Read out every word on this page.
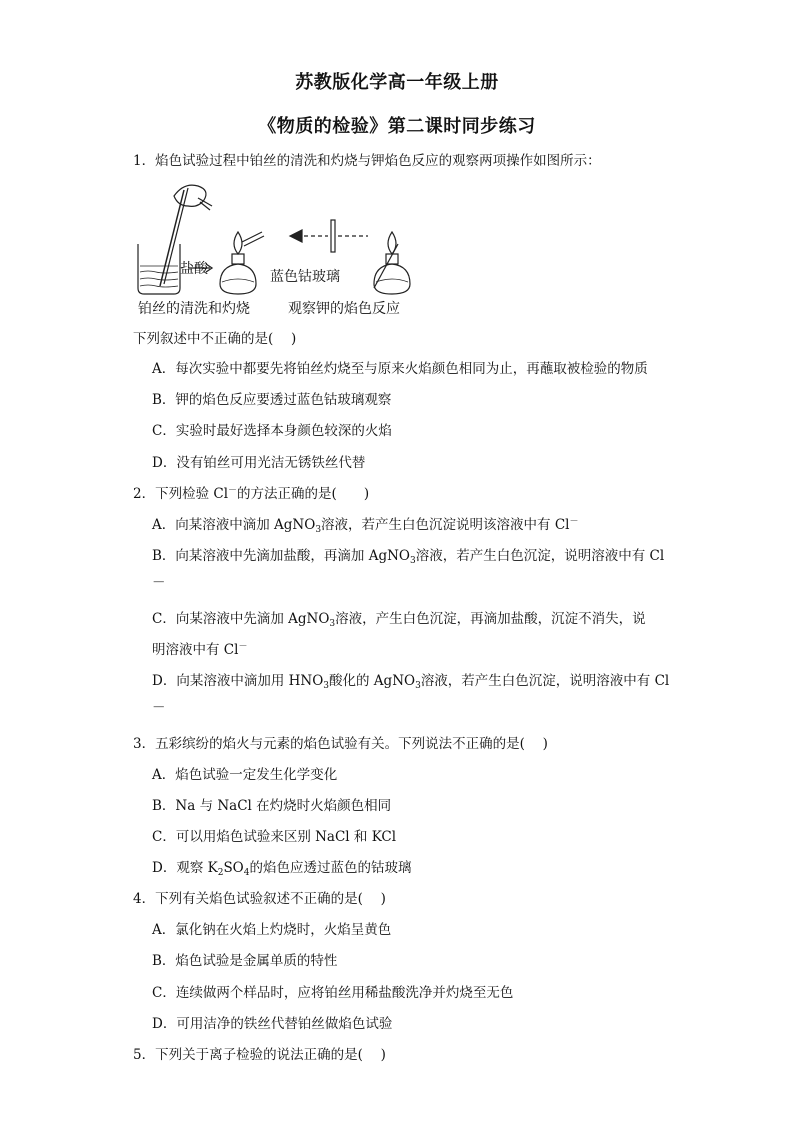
苏教版化学高一年级上册
《物质的检验》第二课时同步练习
1．焰色试验过程中铂丝的清洗和灼烧与钾焰色反应的观察两项操作如图所示：
盐酸	蓝色钴玻璃
铂丝的清洗和灼烧	观察钾的焰色反应
下列叙述中不正确的是(　 )
A．每次实验中都要先将铂丝灼烧至与原来火焰颜色相同为止，再蘸取被检验的物质
B．钾的焰色反应要透过蓝色钴玻璃观察
C．实验时最好选择本身颜色较深的火焰
D．没有铂丝可用光洁无锈铁丝代替
2．下列检验 Cl－的方法正确的是(　　)
A．向某溶液中滴加 AgNO$_3$溶液，若产生白色沉淀说明该溶液中有 Cl－
B．向某溶液中先滴加盐酸，再滴加 AgNO$_3$溶液，若产生白色沉淀，说明溶液中有 Cl
－
C．向某溶液中先滴加 AgNO$_3$溶液，产生白色沉淀，再滴加盐酸，沉淀不消失，说
明溶液中有 Cl－
D．向某溶液中滴加用 $HNO_3$酸化的 AgNO$_3$溶液，若产生白色沉淀，说明溶液中有 Cl
－
3．五彩缤纷的焰火与元素的焰色试验有关。下列说法不正确的是(　 )
A．焰色试验一定发生化学变化
B．Na 与 NaCl 在灼烧时火焰颜色相同
C．可以用焰色试验来区别 NaCl 和 KCl
D．观察 $K_2SO_4$的焰色应透过蓝色的钴玻璃
4．下列有关焰色试验叙述不正确的是(　 )
A．氯化钠在火焰上灼烧时，火焰呈黄色
B．焰色试验是金属单质的特性
C．连续做两个样品时，应将铂丝用稀盐酸洗净并灼烧至无色
D．可用洁净的铁丝代替铂丝做焰色试验
5．下列关于离子检验的说法正确的是(　 )
